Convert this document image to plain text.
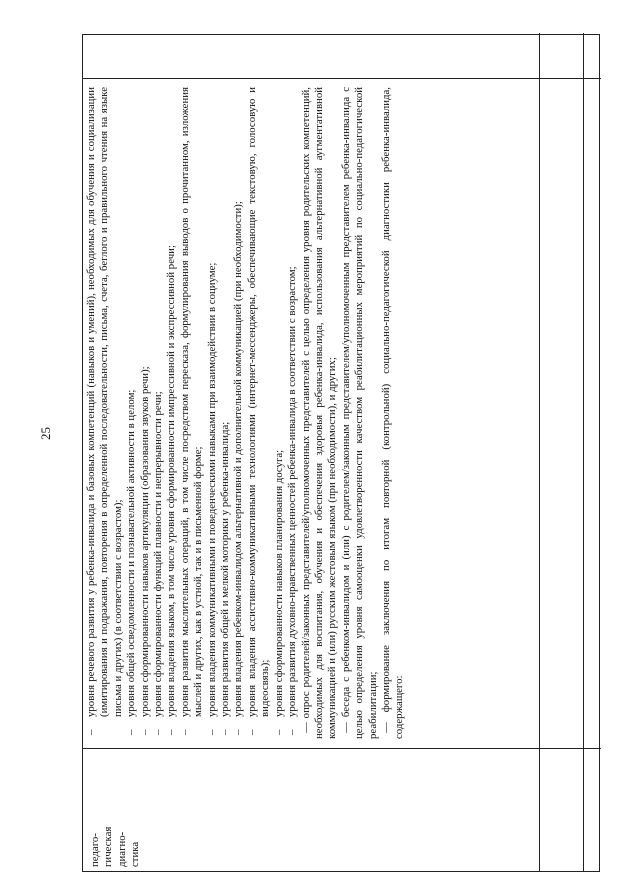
25
педаго-
гическая
диагно-
стика

–
уровня речевого развития у ребенка-инвалида и базовых компетенций (навыков и умений), необходимых для обучения и социализации (имитирования и подражания, повторения в определенной последовательности, письма, счета, беглого и правильного чтения на языке письма и других) (в соответствии с возрастом);

–
уровня общей осведомленности и познавательной активности в целом;

–
уровня сформированности навыков артикуляции (образования звуков речи);

–
уровня сформированности функций плавности и непрерывности речи;

–
уровня владения языком, в том числе уровня сформированности импрессивной и экспрессивной речи;

–
уровня развития мыслительных операций, в том числе посредством пересказа, формулирования выводов о прочитанном, изложения мыслей и других, как в устной, так и в письменной форме;

–
уровня владения коммуникативными и поведенческими навыками при взаимодействии в социуме;

–
уровня развития общей и мелкой моторики у ребенка-инвалида;

–
уровня владения ребенком-инвалидом альтернативной и дополнительной коммуникацией (при необходимости);

–
уровня владения ассистивно-коммуникативными технологиями (интернет-мессенджеры, обеспечивающие текстовую, голосовую и видеосвязь);

–
уровня сформированности навыков планирования досуга;

–
уровня развития духовно-нравственных ценностей ребенка-инвалида в соответствии с возрастом; — опрос родителей/законных представителей/уполномоченных представителей с целью определения уровня родительских компетенций, необходимых для воспитания, обучения и обеспечения здоровья ребенка-инвалида, использования альтернативной аугментативной коммуникацией и (или) русским жестовым языком (при необходимости), и других; — беседа с ребенком-инвалидом и (или) с родителем/законным представителем/уполномоченным представителем ребенка-инвалида с целью определения уровня самооценки удовлетворенности качеством реабилитационных мероприятий по социально-педагогической реабилитации; — формирование заключения по итогам повторной (контрольной) социально-педагогической диагностики ребенка-инвалида, содержащего:
